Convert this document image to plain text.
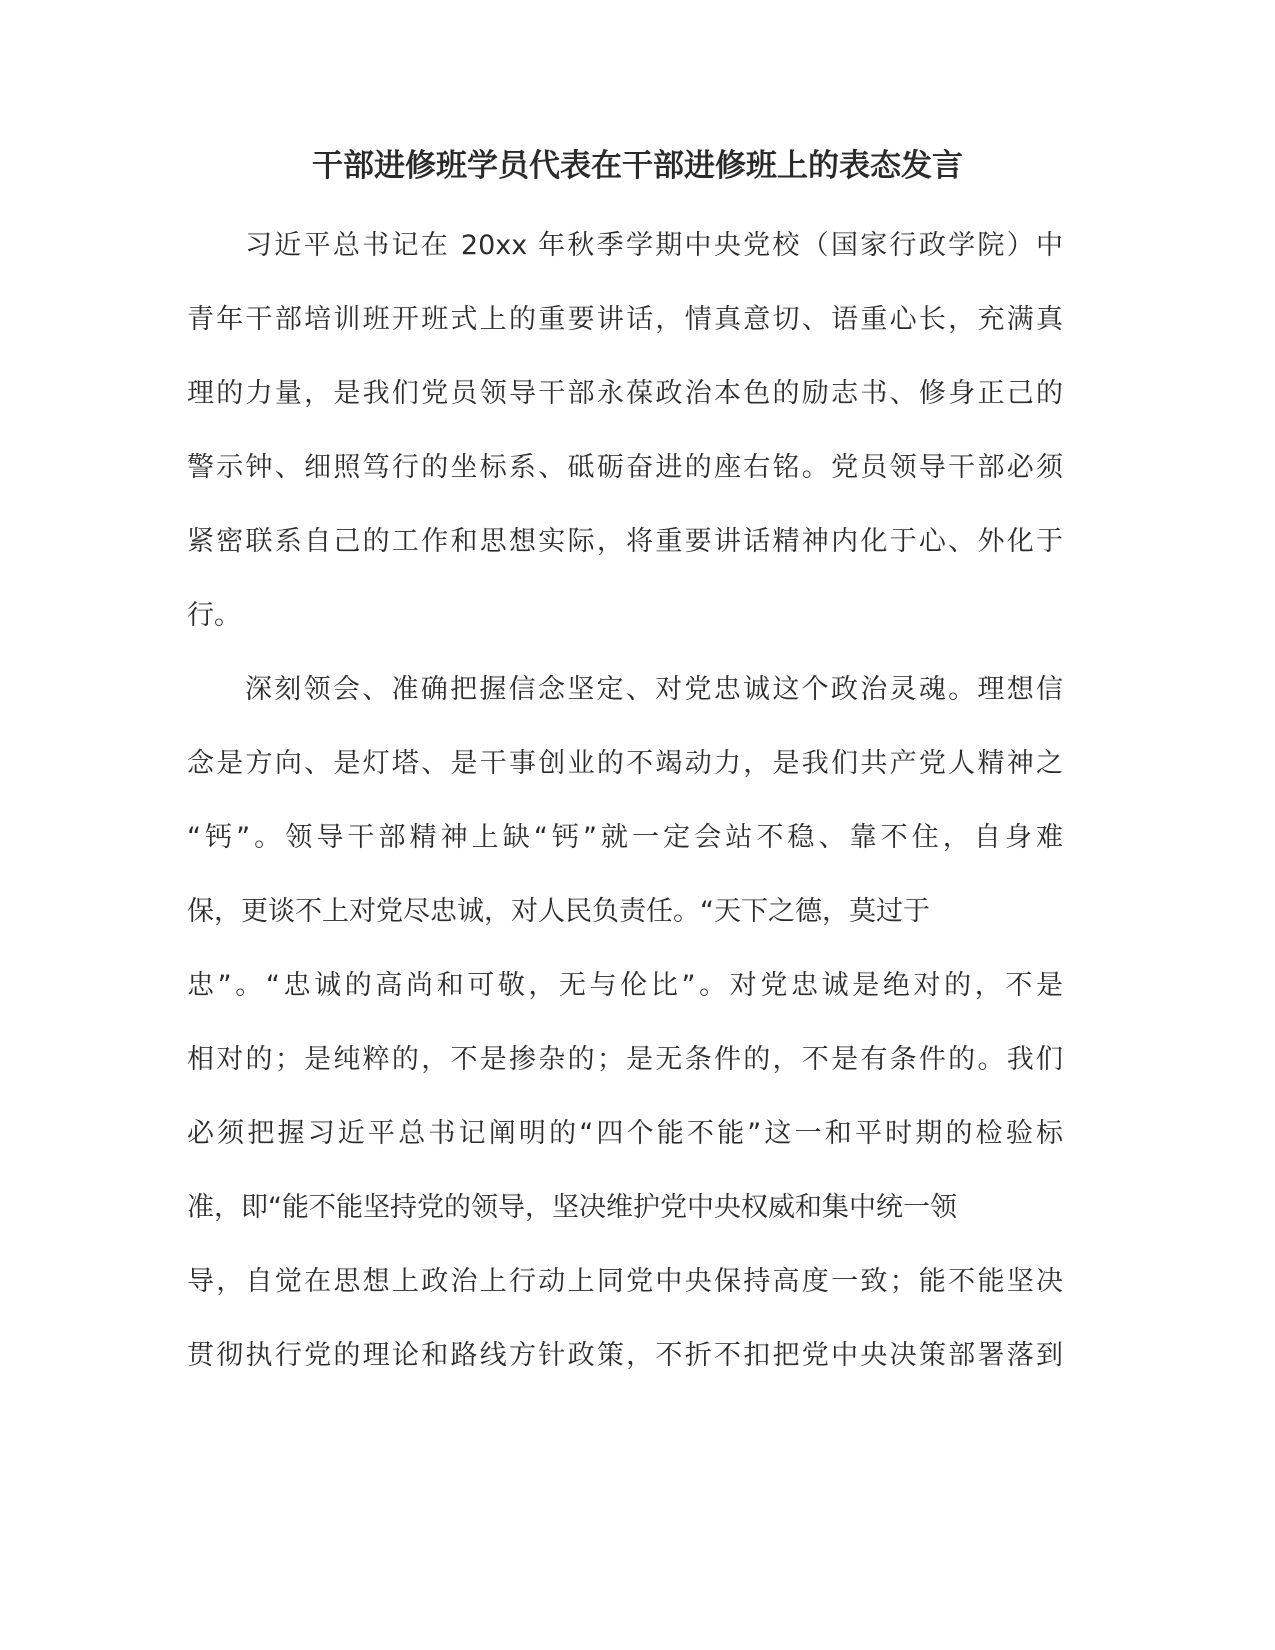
干部进修班学员代表在干部进修班上的表态发言

习近平总书记在 20xx 年秋季学期中央党校（国家行政学院）中

青年干部培训班开班式上的重要讲话，情真意切、语重心长，充满真

理的力量，是我们党员领导干部永葆政治本色的励志书、修身正己的

警示钟、细照笃行的坐标系、砥砺奋进的座右铭。党员领导干部必须

紧密联系自己的工作和思想实际，将重要讲话精神内化于心、外化于

行。

深刻领会、准确把握信念坚定、对党忠诚这个政治灵魂。理想信

念是方向、是灯塔、是干事创业的不竭动力，是我们共产党人精神之

“钙”。领导干部精神上缺“钙”就一定会站不稳、靠不住，自身难

保，更谈不上对党尽忠诚，对人民负责任。“天下之德，莫过于

忠”。“忠诚的高尚和可敬，无与伦比”。对党忠诚是绝对的，不是

相对的；是纯粹的，不是掺杂的；是无条件的，不是有条件的。我们

必须把握习近平总书记阐明的“四个能不能”这一和平时期的检验标

准，即“能不能坚持党的领导，坚决维护党中央权威和集中统一领

导，自觉在思想上政治上行动上同党中央保持高度一致；能不能坚决

贯彻执行党的理论和路线方针政策，不折不扣把党中央决策部署落到
